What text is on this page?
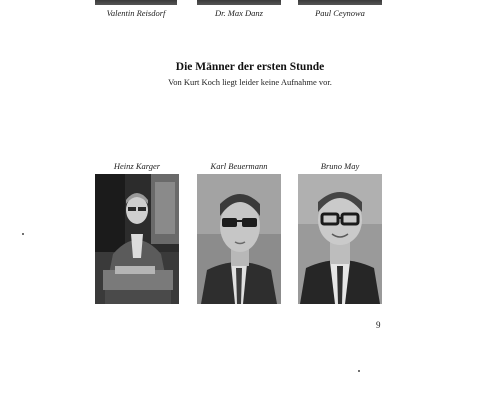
Valentin Reisdorf	Dr. Max Danz	Paul Ceynowa
Die Männer der ersten Stunde
Von Kurt Koch liegt leider keine Aufnahme vor.
Heinz Karger	Karl Beuermann	Bruno May
9
